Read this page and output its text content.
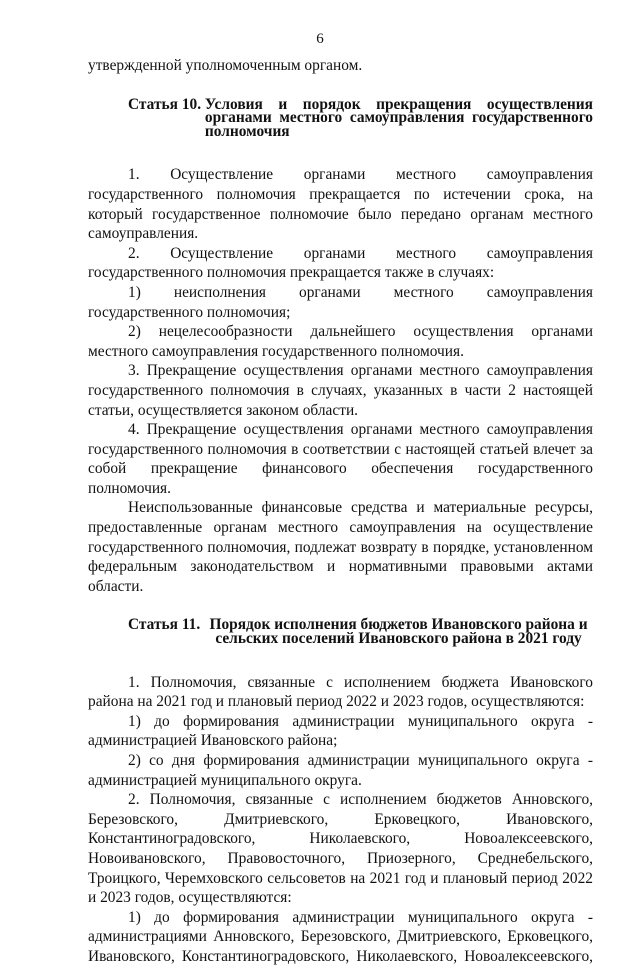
6

утвержденной уполномоченным органом.

Статья 10. Условия и порядок прекращения осуществления органами местного самоуправления государственного полномочия

1. Осуществление органами местного самоуправления государственного полномочия прекращается по истечении срока, на который государственное полномочие было передано органам местного самоуправления.

2. Осуществление органами местного самоуправления государственного полномочия прекращается также в случаях:

1) неисполнения органами местного самоуправления государственного полномочия;

2) нецелесообразности дальнейшего осуществления органами местного самоуправления государственного полномочия.

3. Прекращение осуществления органами местного самоуправления государственного полномочия в случаях, указанных в части 2 настоящей статьи, осуществляется законом области.

4. Прекращение осуществления органами местного самоуправления государственного полномочия в соответствии с настоящей статьей влечет за собой прекращение финансового обеспечения государственного полномочия.

Неиспользованные финансовые средства и материальные ресурсы, предоставленные органам местного самоуправления на осуществление государственного полномочия, подлежат возврату в порядке, установленном федеральным законодательством и нормативными правовыми актами области.

Статья 11. Порядок исполнения бюджетов Ивановского района и сельских поселений Ивановского района в 2021 году

1. Полномочия, связанные с исполнением бюджета Ивановского района на 2021 год и плановый период 2022 и 2023 годов, осуществляются:

1) до формирования администрации муниципального округа - администрацией Ивановского района;

2) со дня формирования администрации муниципального округа - администрацией муниципального округа.

2. Полномочия, связанные с исполнением бюджетов Анновского, Березовского, Дмитриевского, Ерковецкого, Ивановского, Константиноградовского, Николаевского, Новоалексеевского, Новоивановского, Правовосточного, Приозерного, Среднебельского, Троицкого, Черемховского сельсоветов на 2021 год и плановый период 2022 и 2023 годов, осуществляются:

1) до формирования администрации муниципального округа - администрациями Анновского, Березовского, Дмитриевского, Ерковецкого, Ивановского, Константиноградовского, Николаевского, Новоалексеевского,
